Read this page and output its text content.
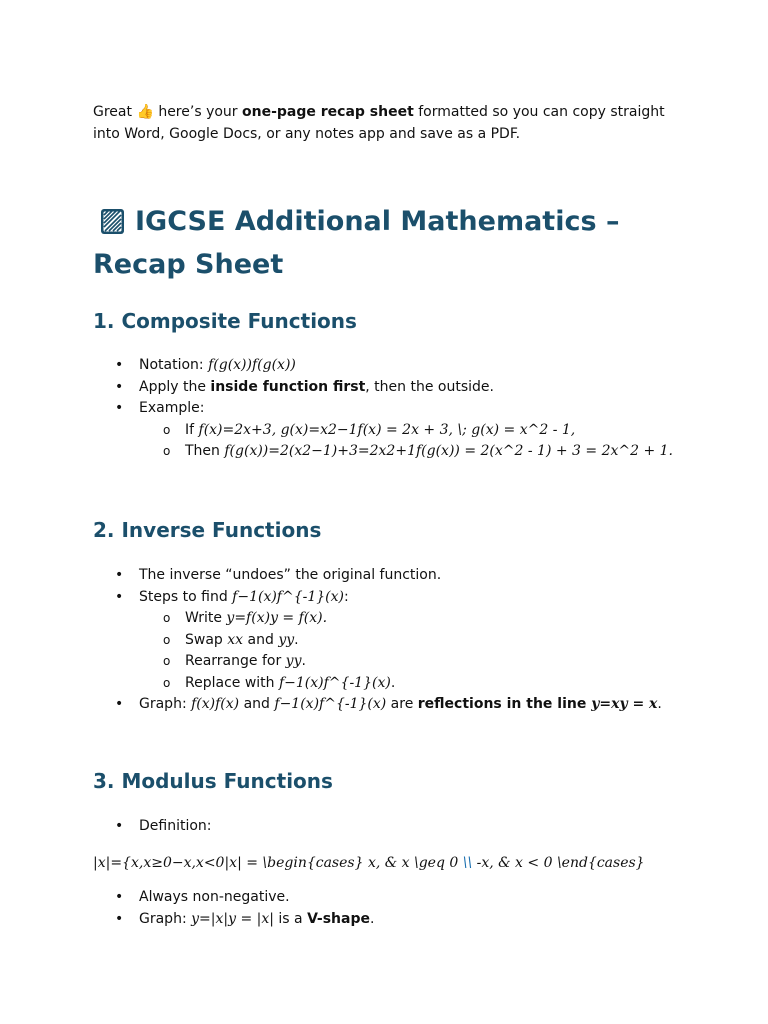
Great 👍 here’s your one-page recap sheet formatted so you can copy straight into Word, Google Docs, or any notes app and save as a PDF.

IGCSE Additional Mathematics – Recap Sheet
1. Composite Functions
• Notation: f(g(x))f(g(x))
• Apply the inside function first, then the outside.
• Example:
o If f(x)=2x+3, g(x)=x2−1f(x) = 2x + 3, \; g(x) = x^2 - 1,
o Then f(g(x))=2(x2−1)+3=2x2+1f(g(x)) = 2(x^2 - 1) + 3 = 2x^2 + 1.
2. Inverse Functions
• The inverse “undoes” the original function.
• Steps to find f−1(x)f^{-1}(x):
o Write y=f(x)y = f(x).
o Swap xx and yy.
o Rearrange for yy.
o Replace with f−1(x)f^{-1}(x).
• Graph: f(x)f(x) and f−1(x)f^{-1}(x) are reflections in the line y=xy = x.
3. Modulus Functions
• Definition:

|x|={x,x≥0−x,x<0|x| = \begin{cases} x, & x \geq 0 \\ -x, & x < 0 \end{cases}

• Always non-negative.
• Graph: y=|x|y = |x| is a V-shape.
